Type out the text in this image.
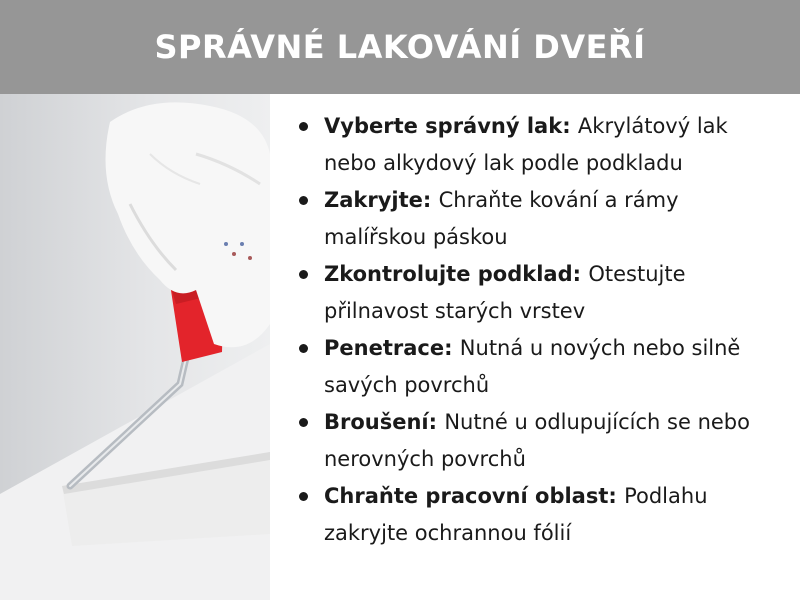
SPRÁVNÉ LAKOVÁNÍ DVEŘÍ
Vyberte správný lak: Akrylátový lak nebo alkydový lak podle podkladu
Zakryjte: Chraňte kování a rámy malířskou páskou
Zkontrolujte podklad: Otestujte přilnavost starých vrstev
Penetrace: Nutná u nových nebo silně savých povrchů
Broušení: Nutné u odlupujících se nebo nerovných povrchů
Chraňte pracovní oblast: Podlahu zakryjte ochrannou fólií
